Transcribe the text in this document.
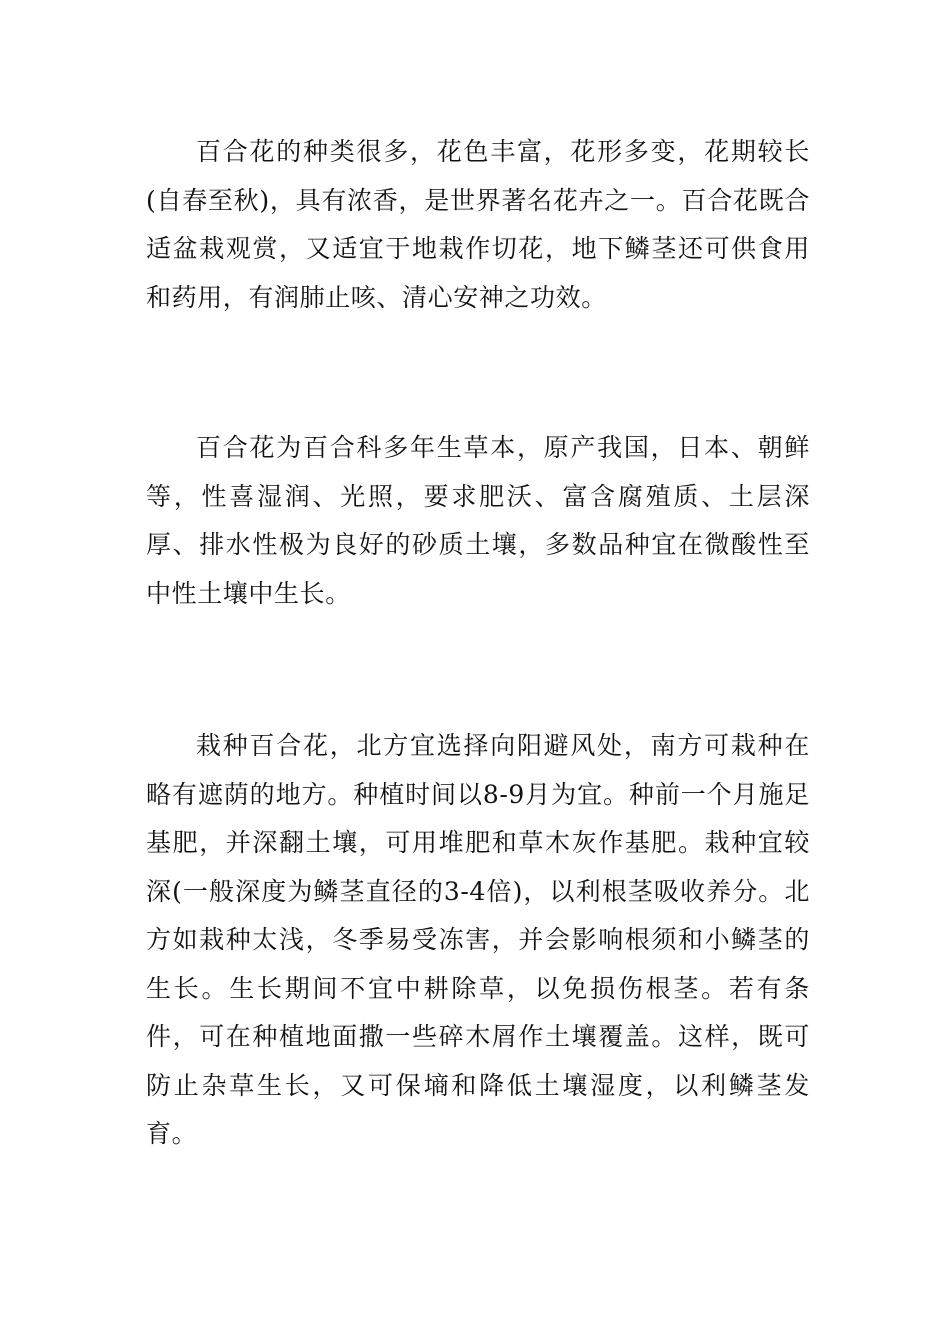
百合花的种类很多，花色丰富，花形多变，花期较长(自春至秋)，具有浓香，是世界著名花卉之一。百合花既合适盆栽观赏，又适宜于地栽作切花，地下鳞茎还可供食用和药用，有润肺止咳、清心安神之功效。

百合花为百合科多年生草本，原产我国，日本、朝鲜等，性喜湿润、光照，要求肥沃、富含腐殖质、土层深厚、排水性极为良好的砂质土壤，多数品种宜在微酸性至中性土壤中生长。

栽种百合花，北方宜选择向阳避风处，南方可栽种在略有遮荫的地方。种植时间以8-9月为宜。种前一个月施足基肥，并深翻土壤，可用堆肥和草木灰作基肥。栽种宜较深(一般深度为鳞茎直径的3-4倍)，以利根茎吸收养分。北方如栽种太浅，冬季易受冻害，并会影响根须和小鳞茎的生长。生长期间不宜中耕除草，以免损伤根茎。若有条件，可在种植地面撒一些碎木屑作土壤覆盖。这样，既可防止杂草生长，又可保墒和降低土壤湿度，以利鳞茎发育。
